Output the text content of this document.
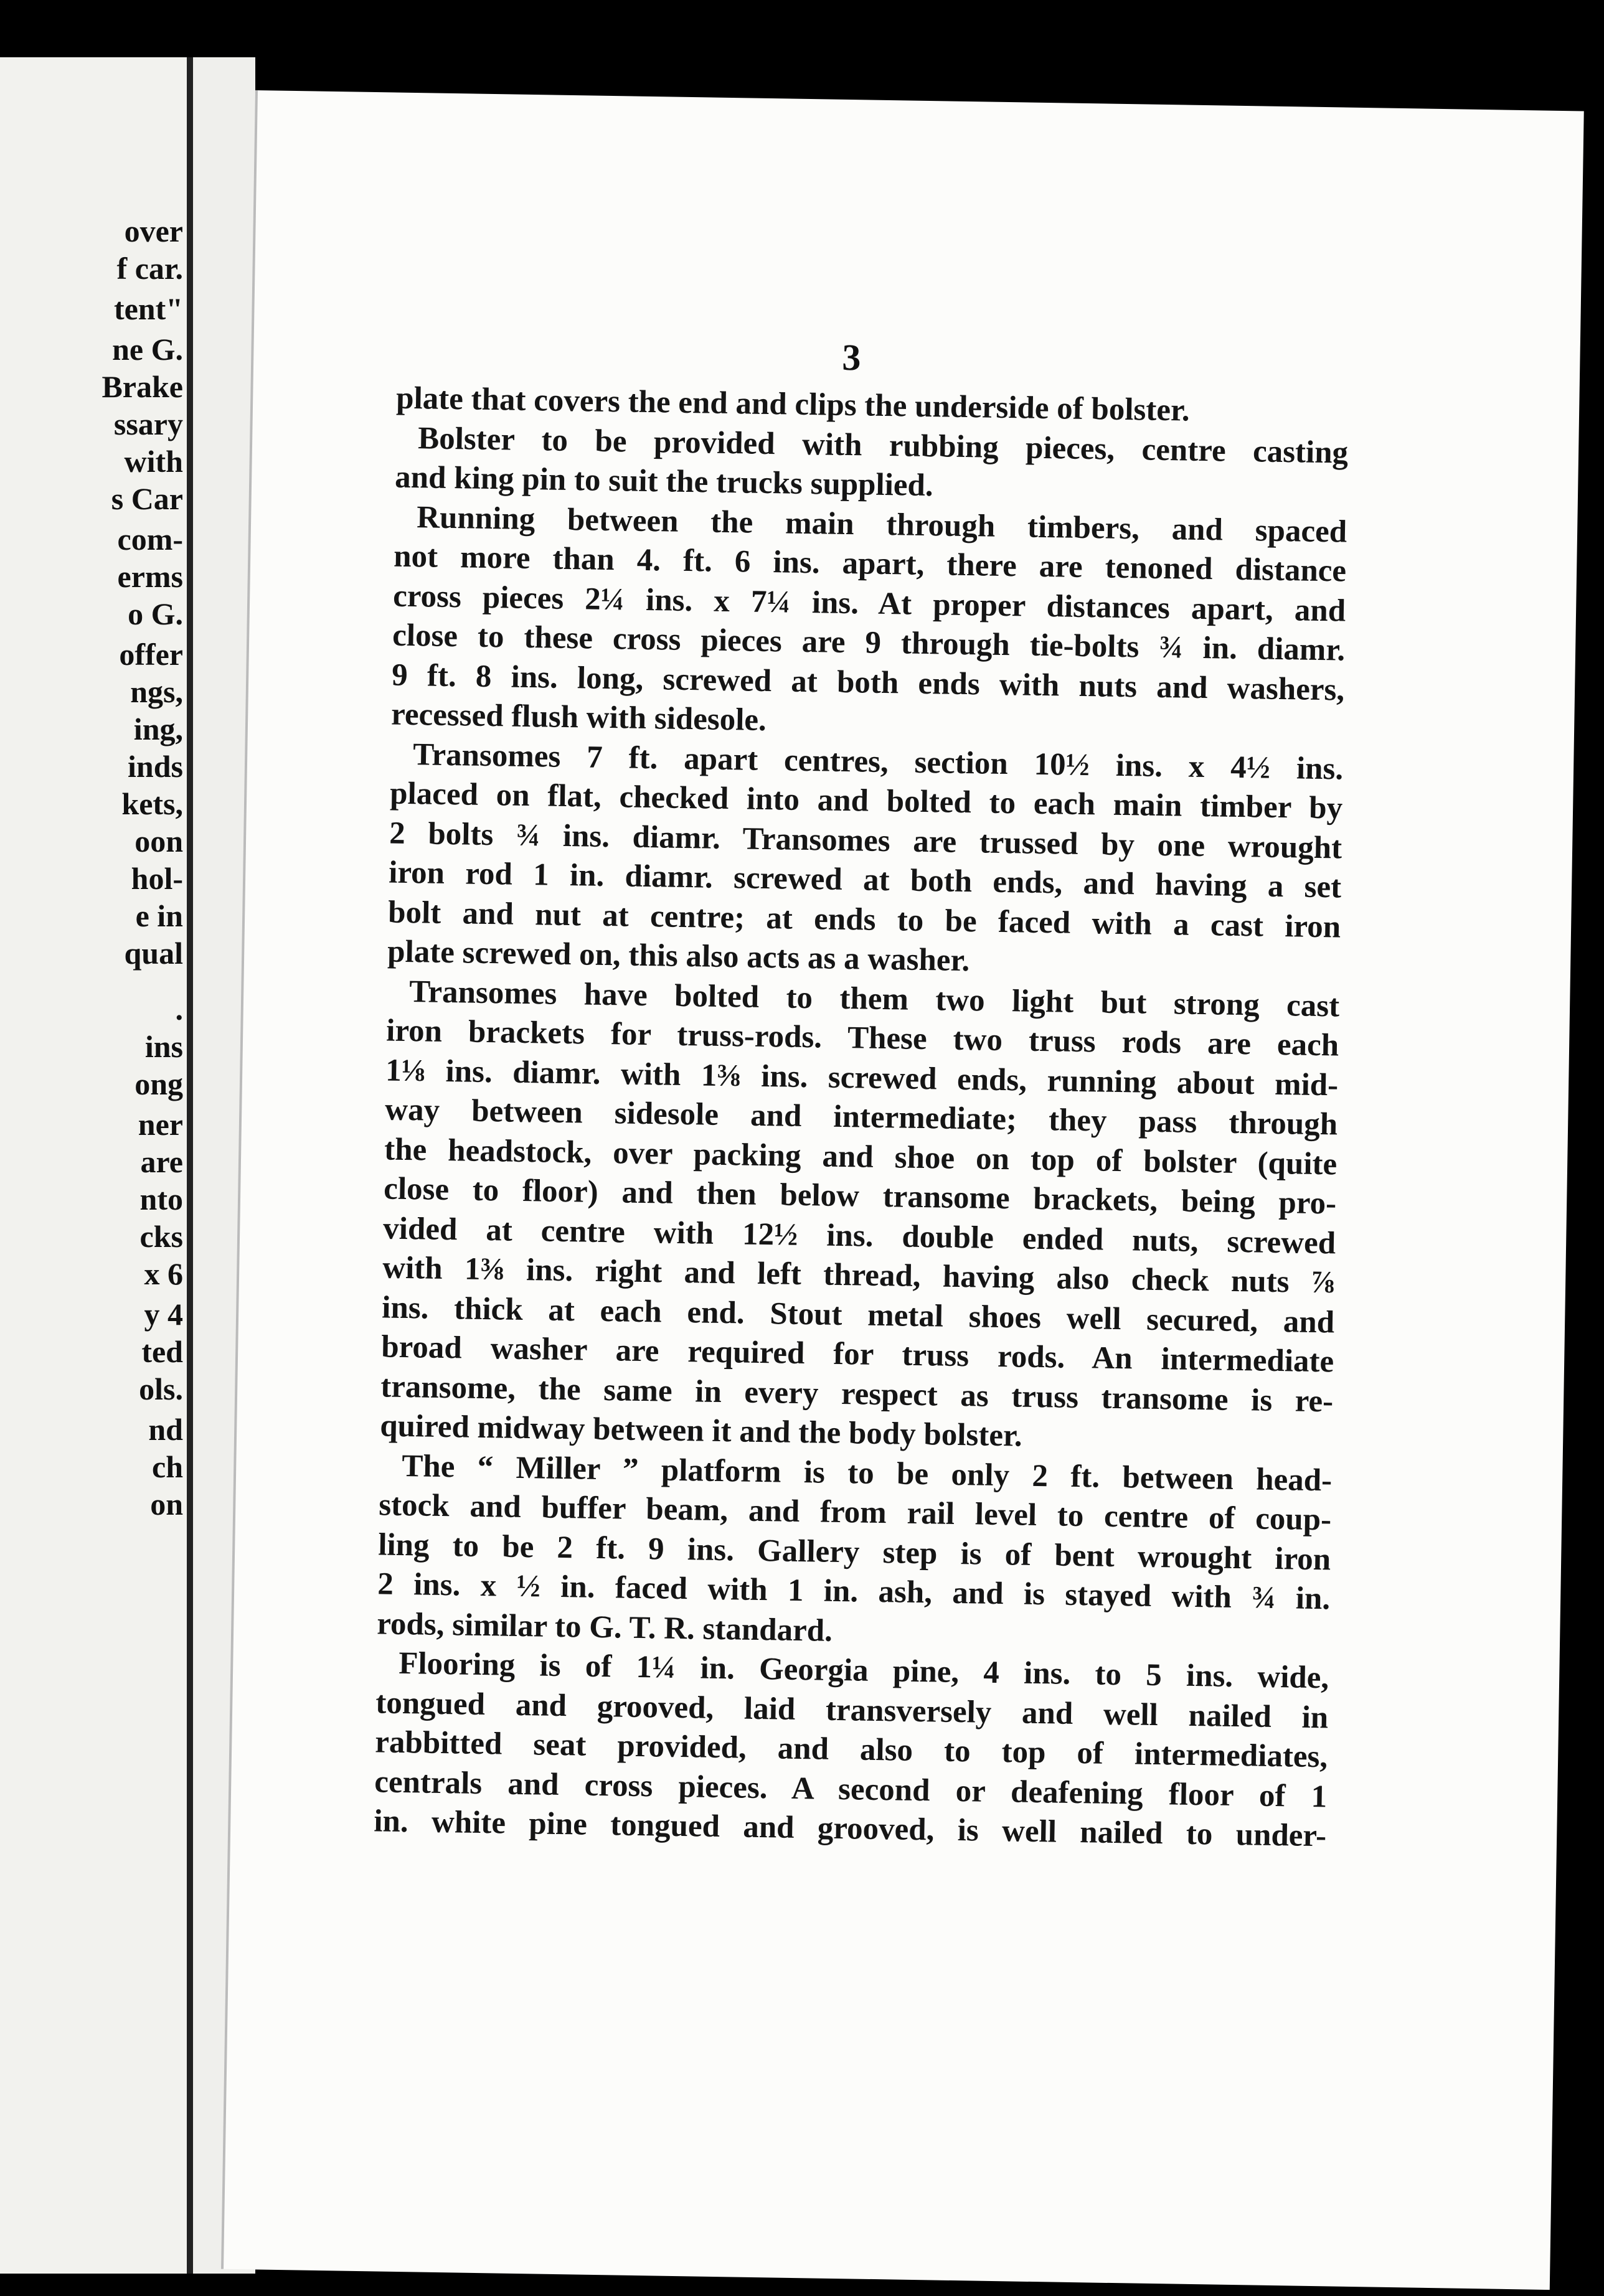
over
f car.
tent"
ne G.
Brake
ssary
with
s Car
com-
erms
o G.
offer
ngs,
ing,
inds
kets,
oon
hol-
e in
qual
.
ins
ong
ner
are
nto
cks
x 6
y 4
ted
ols.
nd
ch
on
3
plate that covers the end and clips the underside of bolster.
Bolster to be provided with rubbing pieces, centre casting
and king pin to suit the trucks supplied.
Running between the main through timbers, and spaced
not more than 4. ft. 6 ins. apart, there are tenoned distance
cross pieces 2¼ ins. x 7¼ ins. At proper distances apart, and
close to these cross pieces are 9 through tie-bolts ¾ in. diamr.
9 ft. 8 ins. long, screwed at both ends with nuts and washers,
recessed flush with sidesole.
Transomes 7 ft. apart centres, section 10½ ins. x 4½ ins.
placed on flat, checked into and bolted to each main timber by
2 bolts ¾ ins. diamr. Transomes are trussed by one wrought
iron rod 1 in. diamr. screwed at both ends, and having a set
bolt and nut at centre; at ends to be faced with a cast iron
plate screwed on, this also acts as a washer.
Transomes have bolted to them two light but strong cast
iron brackets for truss-rods. These two truss rods are each
1⅛ ins. diamr. with 1⅜ ins. screwed ends, running about mid-
way between sidesole and intermediate; they pass through
the headstock, over packing and shoe on top of bolster (quite
close to floor) and then below transome brackets, being pro-
vided at centre with 12½ ins. double ended nuts, screwed
with 1⅜ ins. right and left thread, having also check nuts ⅞
ins. thick at each end. Stout metal shoes well secured, and
broad washer are required for truss rods. An intermediate
transome, the same in every respect as truss transome is re-
quired midway between it and the body bolster.
The “ Miller ” platform is to be only 2 ft. between head-
stock and buffer beam, and from rail level to centre of coup-
ling to be 2 ft. 9 ins. Gallery step is of bent wrought iron
2 ins. x ½ in. faced with 1 in. ash, and is stayed with ¾ in.
rods, similar to G. T. R. standard.
Flooring is of 1¼ in. Georgia pine, 4 ins. to 5 ins. wide,
tongued and grooved, laid transversely and well nailed in
rabbitted seat provided, and also to top of intermediates,
centrals and cross pieces. A second or deafening floor of 1
in. white pine tongued and grooved, is well nailed to under-
